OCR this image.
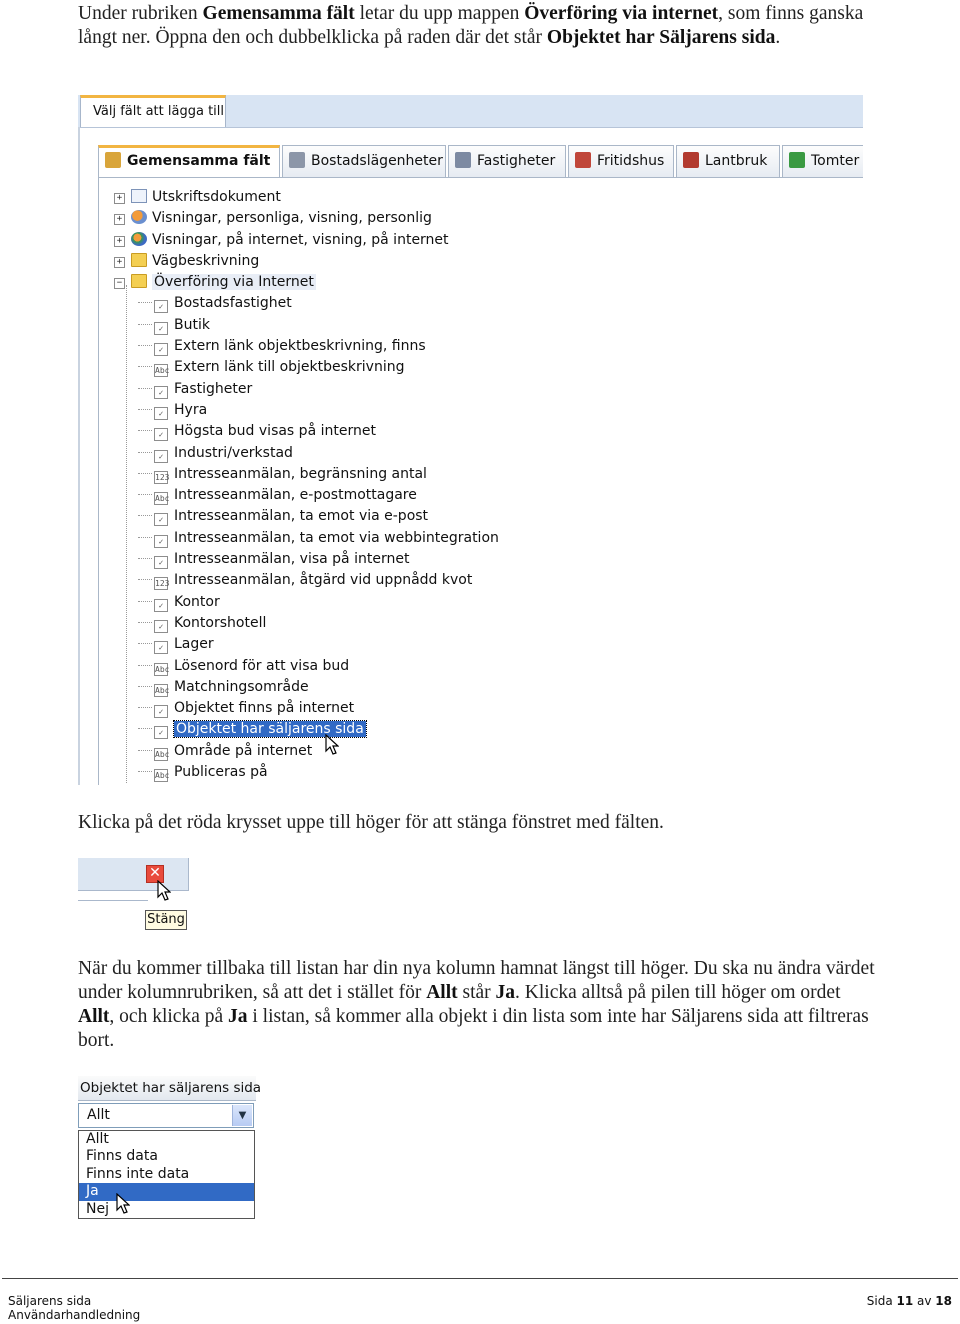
Under rubriken Gemensamma fält letar du upp mappen Överföring via internet, som finns ganska långt ner. Öppna den och dubbelklicka på raden där det står Objektet har Säljarens sida.

Välj fält att lägga till
Gemensamma fält	Bostadslägenheter	Fastigheter	Fritidshus	Lantbruk	Tomter
+ Utskriftsdokument
+ Visningar, personliga, visning, personlig
+ Visningar, på internet, visning, på internet
+ Vägbeskrivning
− Överföring via Internet
✓ Bostadsfastighet
✓ Butik
✓ Extern länk objektbeskrivning, finns
Abc Extern länk till objektbeskrivning
✓ Fastigheter
✓ Hyra
✓ Högsta bud visas på internet
✓ Industri/verkstad
123 Intresseanmälan, begränsning antal
Abc Intresseanmälan, e-postmottagare
✓ Intresseanmälan, ta emot via e-post
✓ Intresseanmälan, ta emot via webbintegration
✓ Intresseanmälan, visa på internet
123 Intresseanmälan, åtgärd vid uppnådd kvot
✓ Kontor
✓ Kontorshotell
✓ Lager
Abc Lösenord för att visa bud
Abc Matchningsområde
✓ Objektet finns på internet
✓ Objektet har säljarens sida
Abc Område på internet
Abc Publiceras på

Klicka på det röda krysset uppe till höger för att stänga fönstret med fälten.

✕
Stäng

När du kommer tillbaka till listan har din nya kolumn hamnat längst till höger. Du ska nu ändra värdet under kolumnrubriken, så att det i stället för Allt står Ja. Klicka alltså på pilen till höger om ordet Allt, och klicka på Ja i listan, så kommer alla objekt i din lista som inte har Säljarens sida att filtreras bort.

Objektet har säljarens sida
Allt	▼
Allt
Finns data
Finns inte data
Ja
Nej
Säljarens sida
Användarhandledning
Sida 11 av 18
